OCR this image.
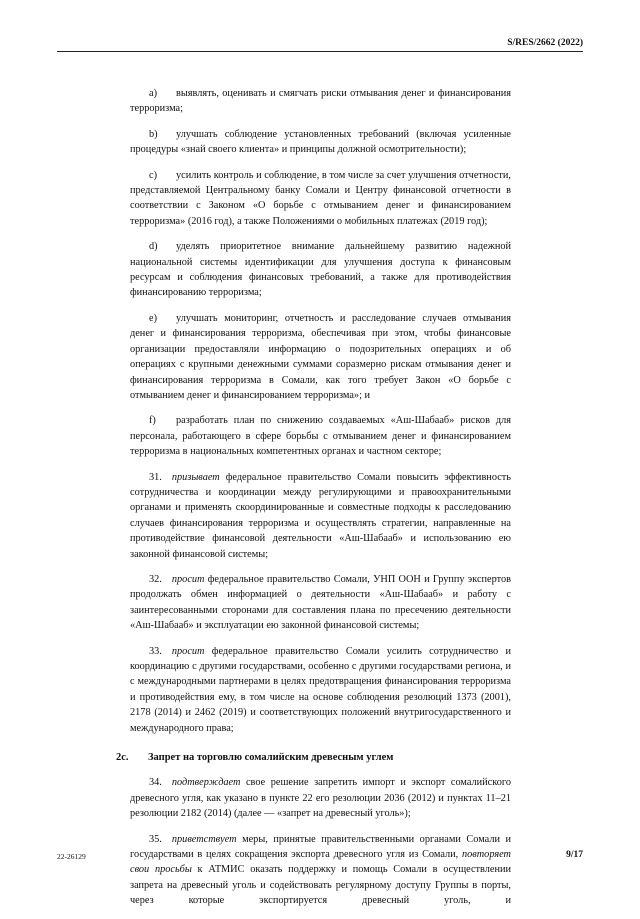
S/RES/2662 (2022)

a) выявлять, оценивать и смягчать риски отмывания денег и финансирования терроризма;

b) улучшать соблюдение установленных требований (включая усиленные процедуры «знай своего клиента» и принципы должной осмотрительности);

c) усилить контроль и соблюдение, в том числе за счет улучшения отчетности, представляемой Центральному банку Сомали и Центру финансовой отчетности в соответствии с Законом «О борьбе с отмыванием денег и финансированием терроризма» (2016 год), а также Положениями о мобильных платежах (2019 год);

d) уделять приоритетное внимание дальнейшему развитию надежной национальной системы идентификации для улучшения доступа к финансовым ресурсам и соблюдения финансовых требований, а также для противодействия финансированию терроризма;

e) улучшать мониторинг, отчетность и расследование случаев отмывания денег и финансирования терроризма, обеспечивая при этом, чтобы финансовые организации предоставляли информацию о подозрительных операциях и об операциях с крупными денежными суммами соразмерно рискам отмывания денег и финансирования терроризма в Сомали, как того требует Закон «О борьбе с отмыванием денег и финансированием терроризма»; и

f) разработать план по снижению создаваемых «Аш-Шабааб» рисков для персонала, работающего в сфере борьбы с отмыванием денег и финансированием терроризма в национальных компетентных органах и частном секторе;

31. призывает федеральное правительство Сомали повысить эффективность сотрудничества и координации между регулирующими и правоохранительными органами и применять скоординированные и совместные подходы к расследованию случаев финансирования терроризма и осуществлять стратегии, направленные на противодействие финансовой деятельности «Аш-Шабааб» и использованию ею законной финансовой системы;

32. просит федеральное правительство Сомали, УНП ООН и Группу экспертов продолжать обмен информацией о деятельности «Аш-Шабааб» и работу с заинтересованными сторонами для составления плана по пресечению деятельности «Аш-Шабааб» и эксплуатации ею законной финансовой системы;

33. просит федеральное правительство Сомали усилить сотрудничество и координацию с другими государствами, особенно с другими государствами региона, и с международными партнерами в целях предотвращения финансирования терроризма и противодействия ему, в том числе на основе соблюдения резолюций 1373 (2001), 2178 (2014) и 2462 (2019) и соответствующих положений внутригосударственного и международного права;

2c. Запрет на торговлю сомалийским древесным углем

34. подтверждает свое решение запретить импорт и экспорт сомалийского древесного угля, как указано в пункте 22 его резолюции 2036 (2012) и пунктах 11–21 резолюции 2182 (2014) (далее — «запрет на древесный уголь»);

35. приветствует меры, принятые правительственными органами Сомали и государствами в целях сокращения экспорта древесного угля из Сомали, повторяет свои просьбы к АТМИС оказать поддержку и помощь Сомали в осуществлении запрета на древесный уголь и содействовать регулярному доступу Группы в порты, через которые экспортируется древесный уголь, и

22-26129	9/17
